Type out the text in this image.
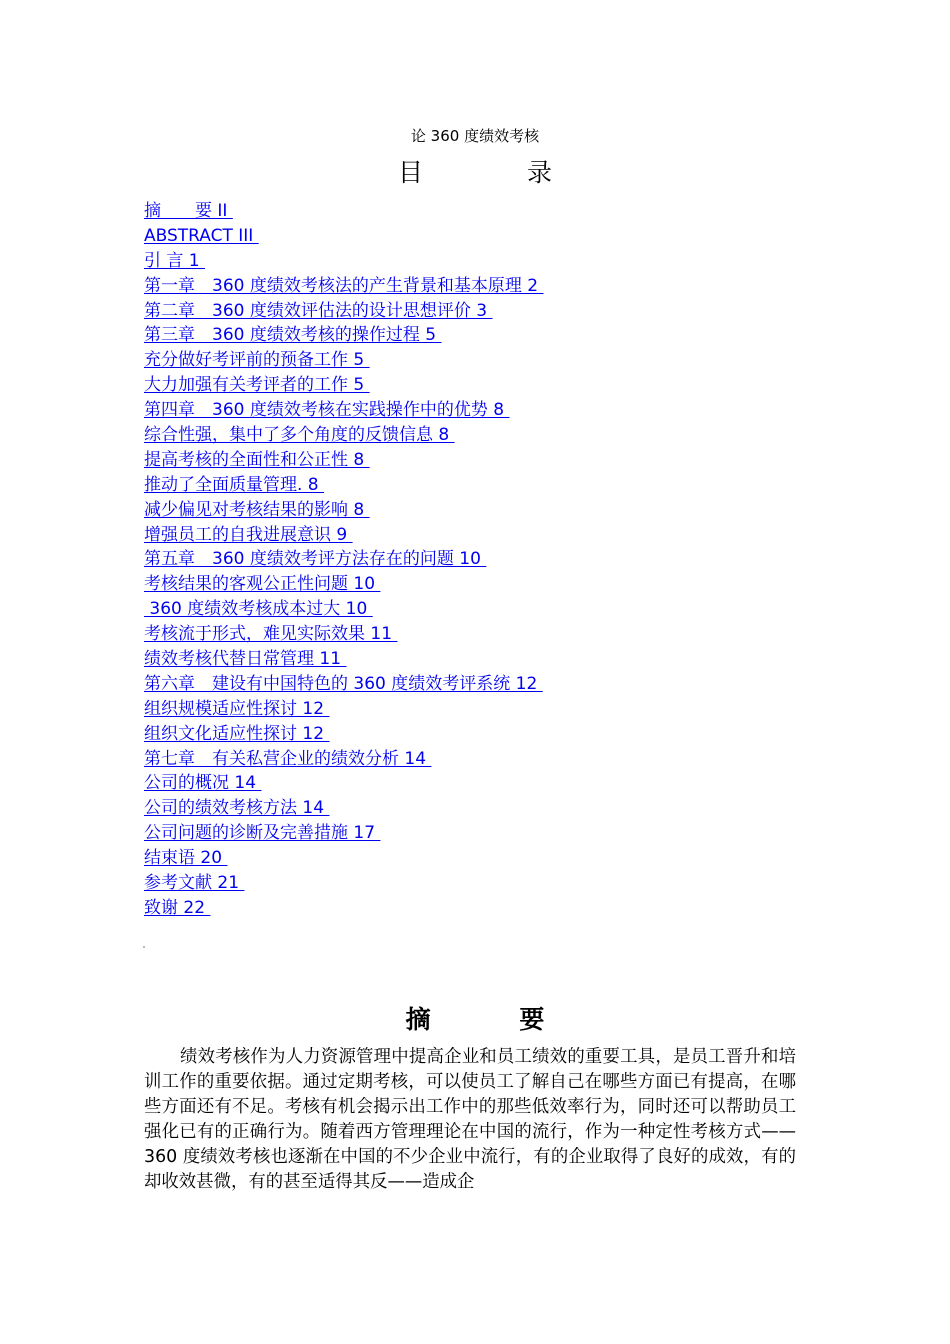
论 360 度绩效考核
目 录
摘　　要 II
ABSTRACT III
引 言 1
第一章　360 度绩效考核法的产生背景和基本原理 2
第二章　360 度绩效评估法的设计思想评价 3
第三章　360 度绩效考核的操作过程 5
充分做好考评前的预备工作 5
大力加强有关考评者的工作 5
第四章　360 度绩效考核在实践操作中的优势 8
综合性强，集中了多个角度的反馈信息 8
提高考核的全面性和公正性 8
推动了全面质量管理. 8
减少偏见对考核结果的影响 8
增强员工的自我进展意识 9
第五章　360 度绩效考评方法存在的问题 10
考核结果的客观公正性问题 10
360 度绩效考核成本过大 10
考核流于形式，难见实际效果 11
绩效考核代替日常管理 11
第六章　建设有中国特色的 360 度绩效考评系统 12
组织规模适应性探讨 12
组织文化适应性探讨 12
第七章　有关私营企业的绩效分析 14
公司的概况 14
公司的绩效考核方法 14
公司问题的诊断及完善措施 17
结束语 20
参考文献 21
致谢 22
摘 要

绩效考核作为人力资源管理中提高企业和员工绩效的重要工具，是员工晋升和培训工作的重要依据。通过定期考核，可以使员工了解自己在哪些方面已有提高，在哪些方面还有不足。考核有机会揭示出工作中的那些低效率行为，同时还可以帮助员工强化已有的正确行为。随着西方管理理论在中国的流行，作为一种定性考核方式——360 度绩效考核也逐渐在中国的不少企业中流行，有的企业取得了良好的成效，有的却收效甚微，有的甚至适得其反——造成企
